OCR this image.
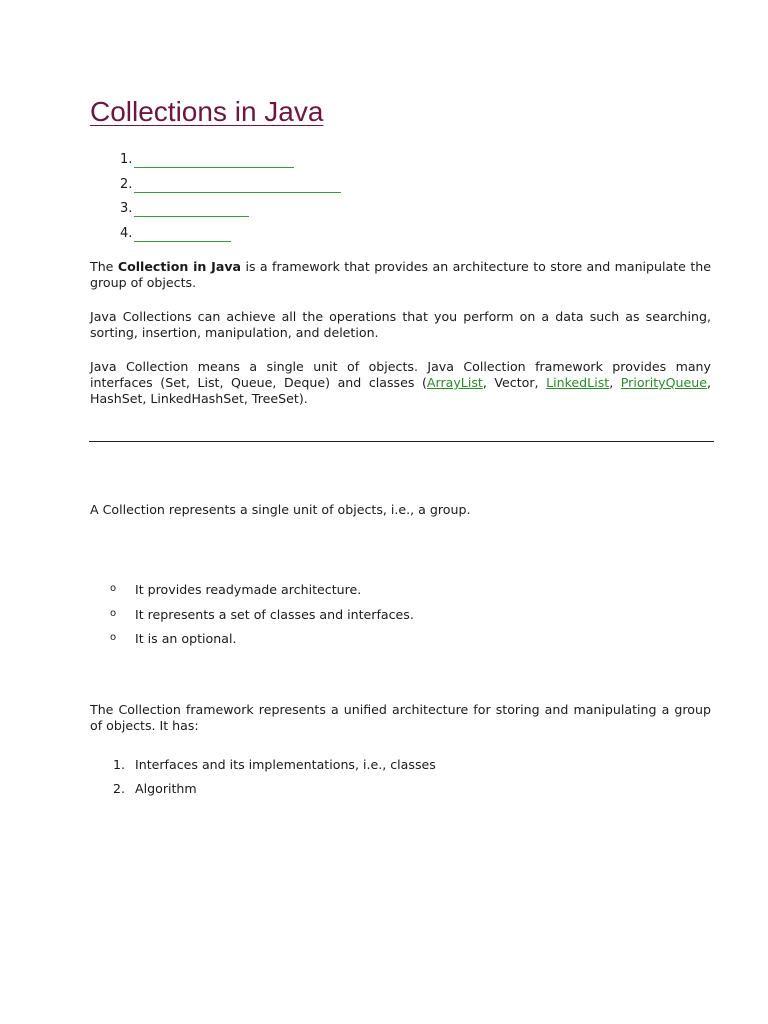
Collections in Java
1.
2.
3.
4.

The Collection in Java is a framework that provides an architecture to store and manipulate the group of objects.

Java Collections can achieve all the operations that you perform on a data such as searching, sorting, insertion, manipulation, and deletion.

Java Collection means a single unit of objects. Java Collection framework provides many interfaces (Set, List, Queue, Deque) and classes (ArrayList, Vector, LinkedList, PriorityQueue, HashSet, LinkedHashSet, TreeSet).

A Collection represents a single unit of objects, i.e., a group.

o	It provides readymade architecture.
o	It represents a set of classes and interfaces.
o	It is an optional.

The Collection framework represents a unified architecture for storing and manipulating a group of objects. It has:

1. Interfaces and its implementations, i.e., classes
2. Algorithm
